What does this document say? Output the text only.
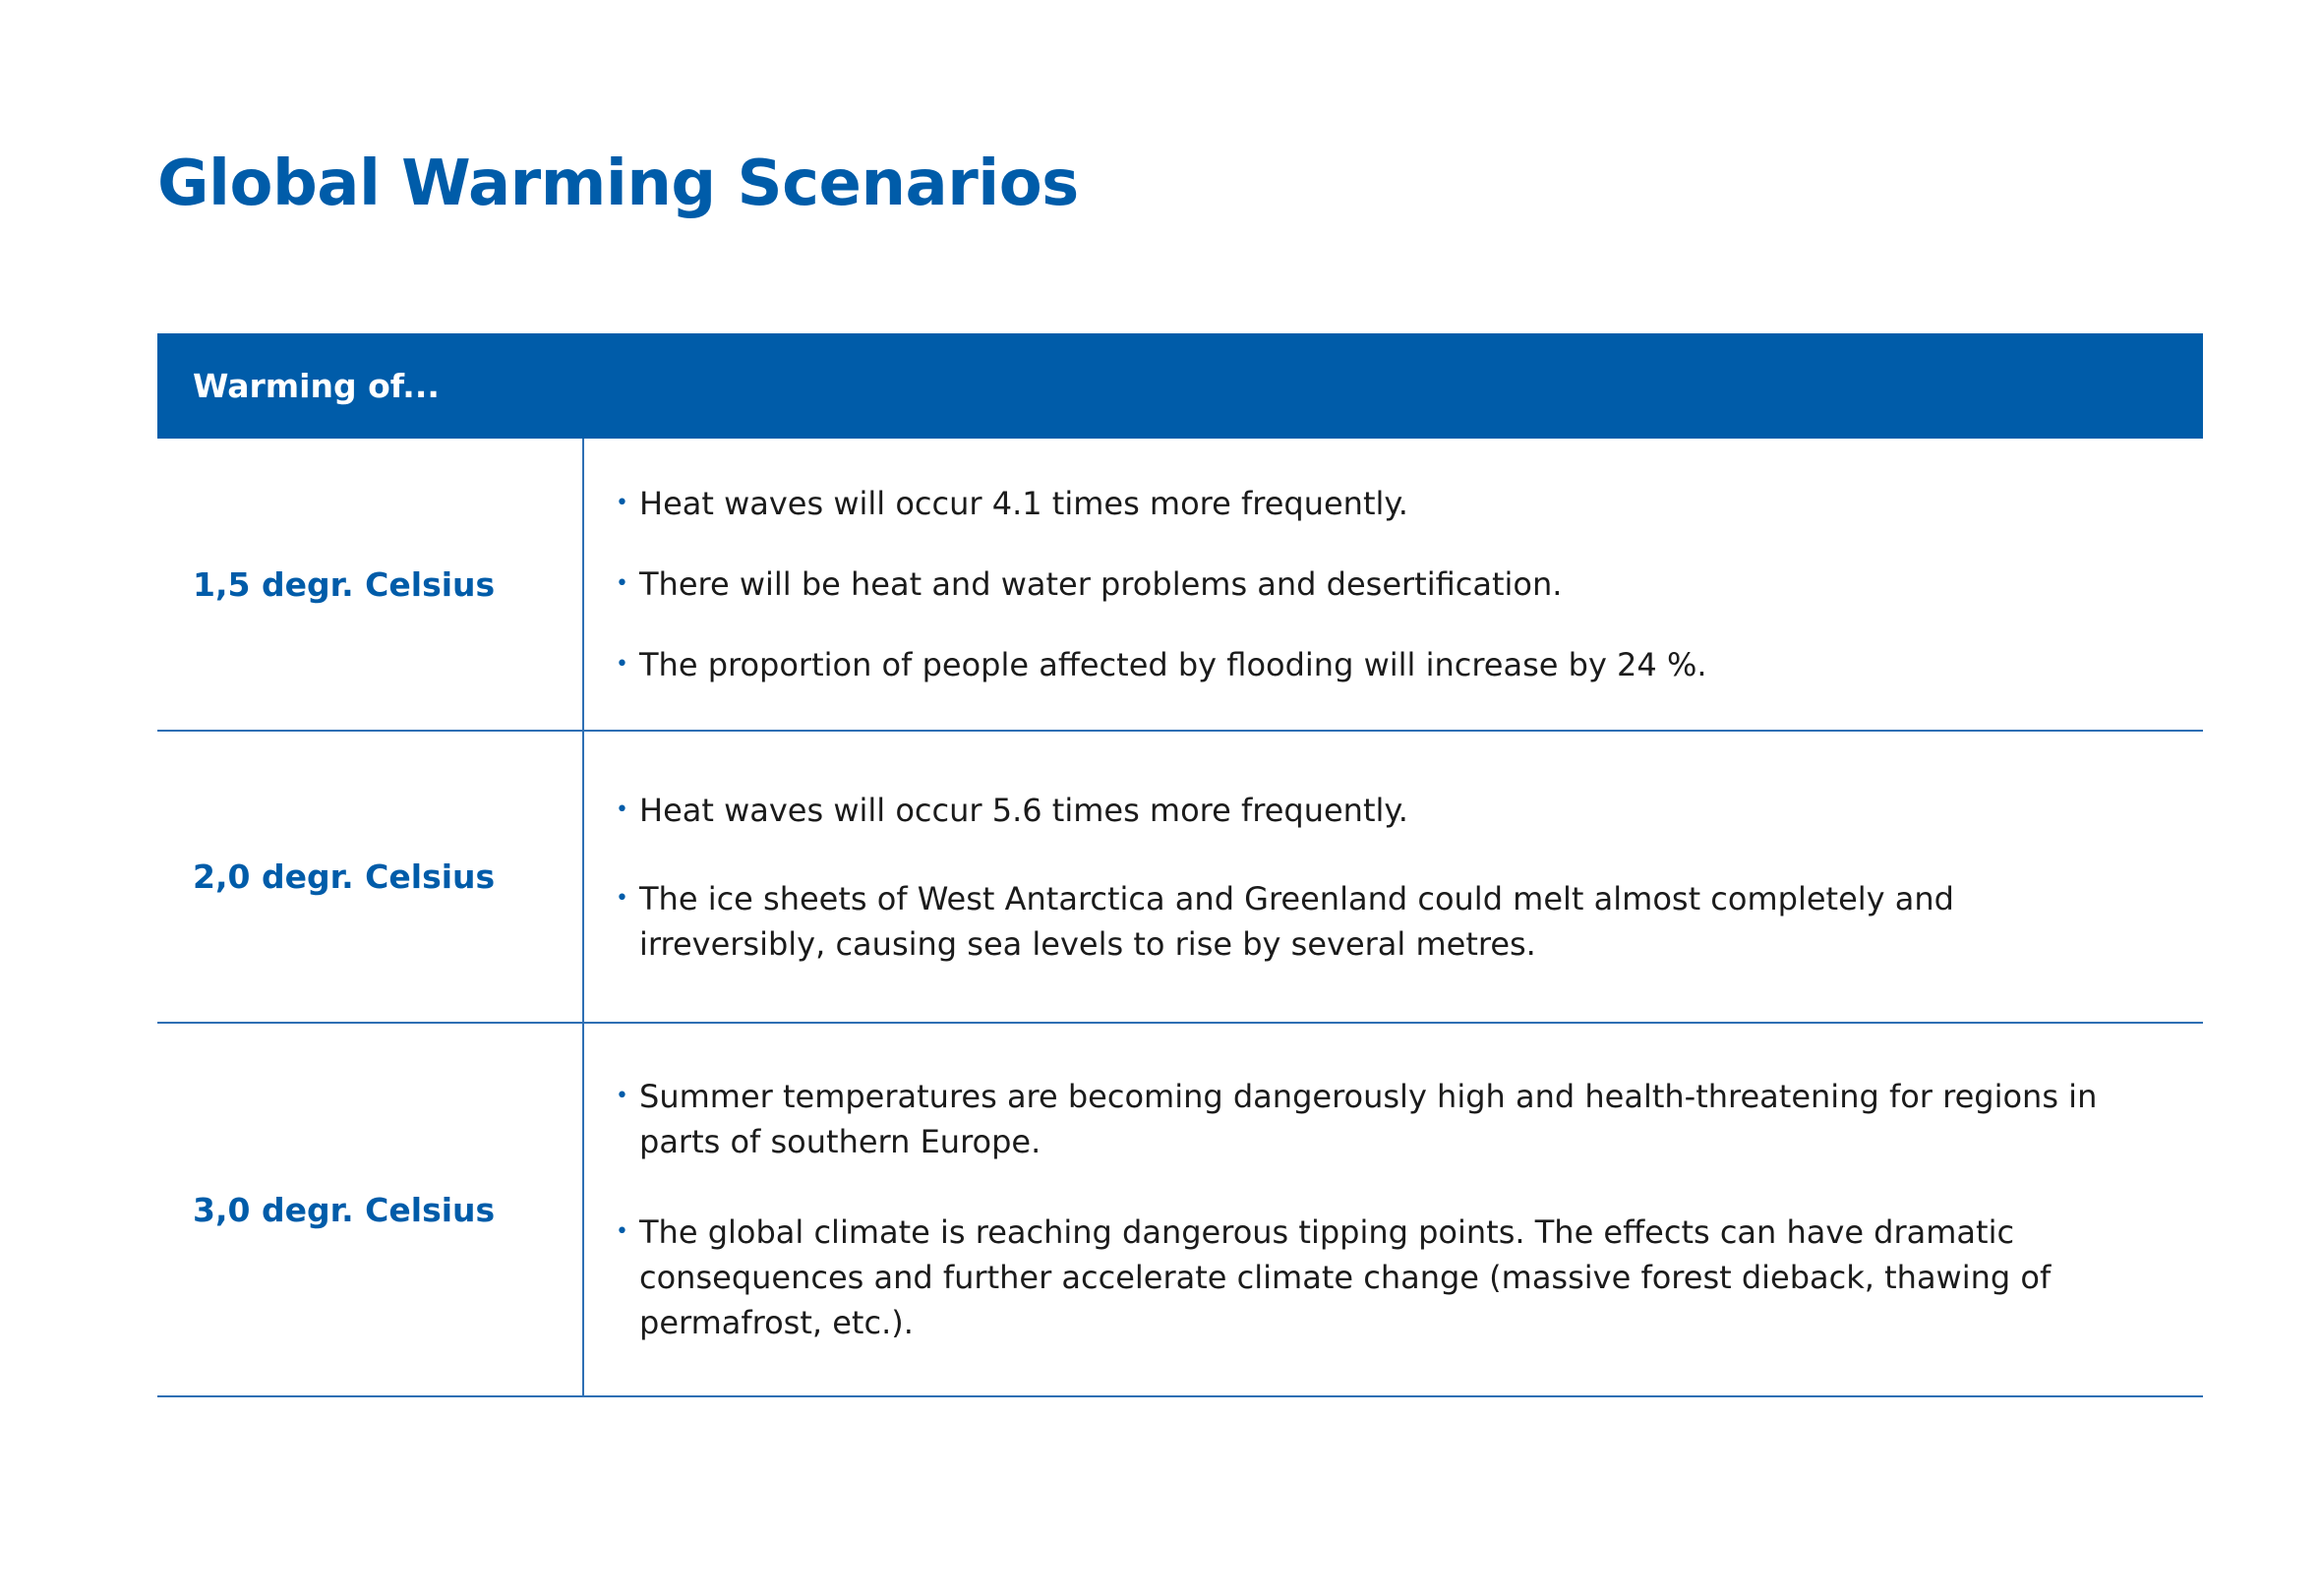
Global Warming Scenarios
Warming of...
1,5 degr. Celsius
• Heat waves will occur 4.1 times more frequently.
• There will be heat and water problems and desertification.
• The proportion of people affected by flooding will increase by 24 %.
2,0 degr. Celsius
• Heat waves will occur 5.6 times more frequently.
• The ice sheets of West Antarctica and Greenland could melt almost completely and irreversibly, causing sea levels to rise by several metres.
3,0 degr. Celsius
• Summer temperatures are becoming dangerously high and health-threatening for regions in parts of southern Europe.
• The global climate is reaching dangerous tipping points. The effects can have dramatic consequences and further accelerate climate change (massive forest dieback, thawing of permafrost, etc.).
